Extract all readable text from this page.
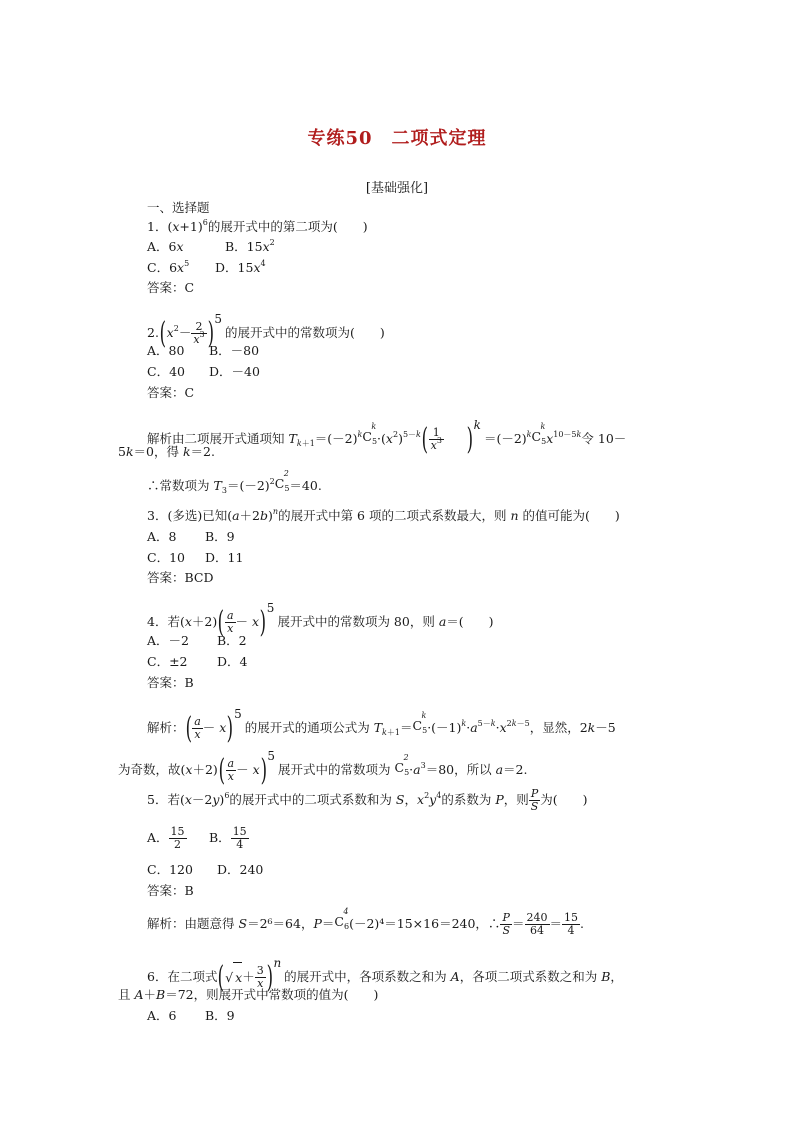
专练50　二项式定理
[基础强化]
一、选择题
1．$(x+1)^6$的展开式中的第二项为(　　)
A．6x	B．$15x^2$
C．$6x^5$ D．$15x^4$
答案：C
$2.(x^2- \frac{2}{x^3} )5$的展开式中的常数项为(　　)
A．80 B．－80
C．40 D．－40
答案：C
解析由二项展开式通项知 $T_{k+1}=(-2)^kC$
k
$_5\cdot(x^2)^{5-k}( \frac{1}{x^3} )k=(-2)^kC$
k
$_5x^{10-5k}$令 10－
5k＝0，得 k＝2.
∴常数项为 $T_3=(-2)^2C$
2
$_5$＝40.
3．(多选)已知$(a+2b)^n$的展开式中第 6 项的二项式系数最大，则 n 的值可能为(　　)
A．8 B．9
C．10 D．11
答案：BCD
4．若$(x+2)( \frac{a}{x} - x)5$展开式中的常数项为 80，则 a＝(　　)
A．－2 B．2
C．±2 D．4
答案：B
解析：( $\frac{a}{x} - x)5$的展开式的通项公式为 $T_{k+1}=C$
k
$_5\cdot(-1)^k\cdot a^{5-k}\cdot x^{2k-5}$，显然，2k－5
为奇数，故$(x+2)( \frac{a}{x} - x)5$展开式中的常数项为 C
2
$_5\cdot a^3=80$，所以 a＝2.
5．若$(x-2y)^6$的展开式中的二项式系数和为 S，$x^2y^4$的系数为 P，则 $\frac{P}{S}$ 为(　　)
A． $\frac{15}{2}$ B． $\frac{15}{4}$
C．120 D．240
答案：B
解析：由题意得 S＝2⁶＝64，P＝C
4
$_6$(－2)⁴＝15×16＝240，∴ $\frac{P}{S} = \frac{240}{64} = \frac{15}{4}$ .
6．在二项式(√ $x+ \frac{3}{x} )n$的展开式中，各项系数之和为 A，各项二项式系数之和为 B，
且 A＋B＝72，则展开式中常数项的值为(　　)
A．6 B．9
